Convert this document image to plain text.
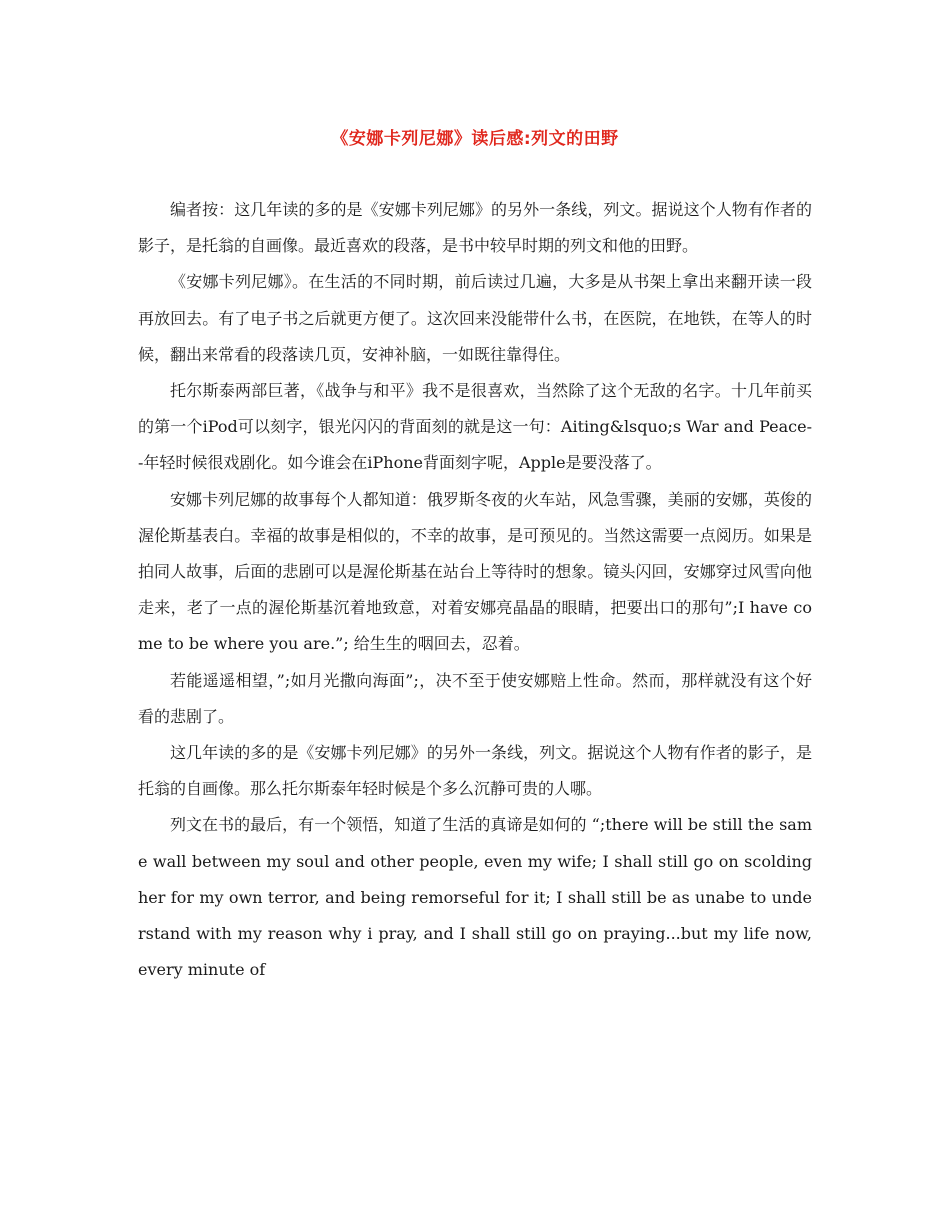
《安娜卡列尼娜》读后感:列文的田野

编者按：这几年读的多的是《安娜卡列尼娜》的另外一条线，列文。据说这个人物有作者的影子，是托翁的自画像。最近喜欢的段落，是书中较早时期的列文和他的田野。

《安娜卡列尼娜》。在生活的不同时期，前后读过几遍，大多是从书架上拿出来翻开读一段再放回去。有了电子书之后就更方便了。这次回来没能带什么书，在医院，在地铁，在等人的时候，翻出来常看的段落读几页，安神补脑，一如既往靠得住。

托尔斯泰两部巨著，《战争与和平》我不是很喜欢，当然除了这个无敌的名字。十几年前买的第一个iPod可以刻字，银光闪闪的背面刻的就是这一句：Aiting&lsquo;s War and Peace--年轻时候很戏剧化。如今谁会在iPhone背面刻字呢，Apple是要没落了。

安娜卡列尼娜的故事每个人都知道：俄罗斯冬夜的火车站，风急雪骤，美丽的安娜，英俊的渥伦斯基表白。幸福的故事是相似的，不幸的故事，是可预见的。当然这需要一点阅历。如果是拍同人故事，后面的悲剧可以是渥伦斯基在站台上等待时的想象。镜头闪回，安娜穿过风雪向他走来，老了一点的渥伦斯基沉着地致意，对着安娜亮晶晶的眼睛，把要出口的那句”;I have come to be where you are.”; 给生生的咽回去，忍着。

若能遥遥相望，”;如月光撒向海面”;，决不至于使安娜赔上性命。然而，那样就没有这个好看的悲剧了。

这几年读的多的是《安娜卡列尼娜》的另外一条线，列文。据说这个人物有作者的影子，是托翁的自画像。那么托尔斯泰年轻时候是个多么沉静可贵的人哪。

列文在书的最后，有一个领悟，知道了生活的真谛是如何的 “;there will be still the same wall between my soul and other people, even my wife; I shall still go on scolding her for my own terror, and being remorseful for it; I shall still be as unabe to understand with my reason why i pray, and I shall still go on praying...but my life now, every minute of
